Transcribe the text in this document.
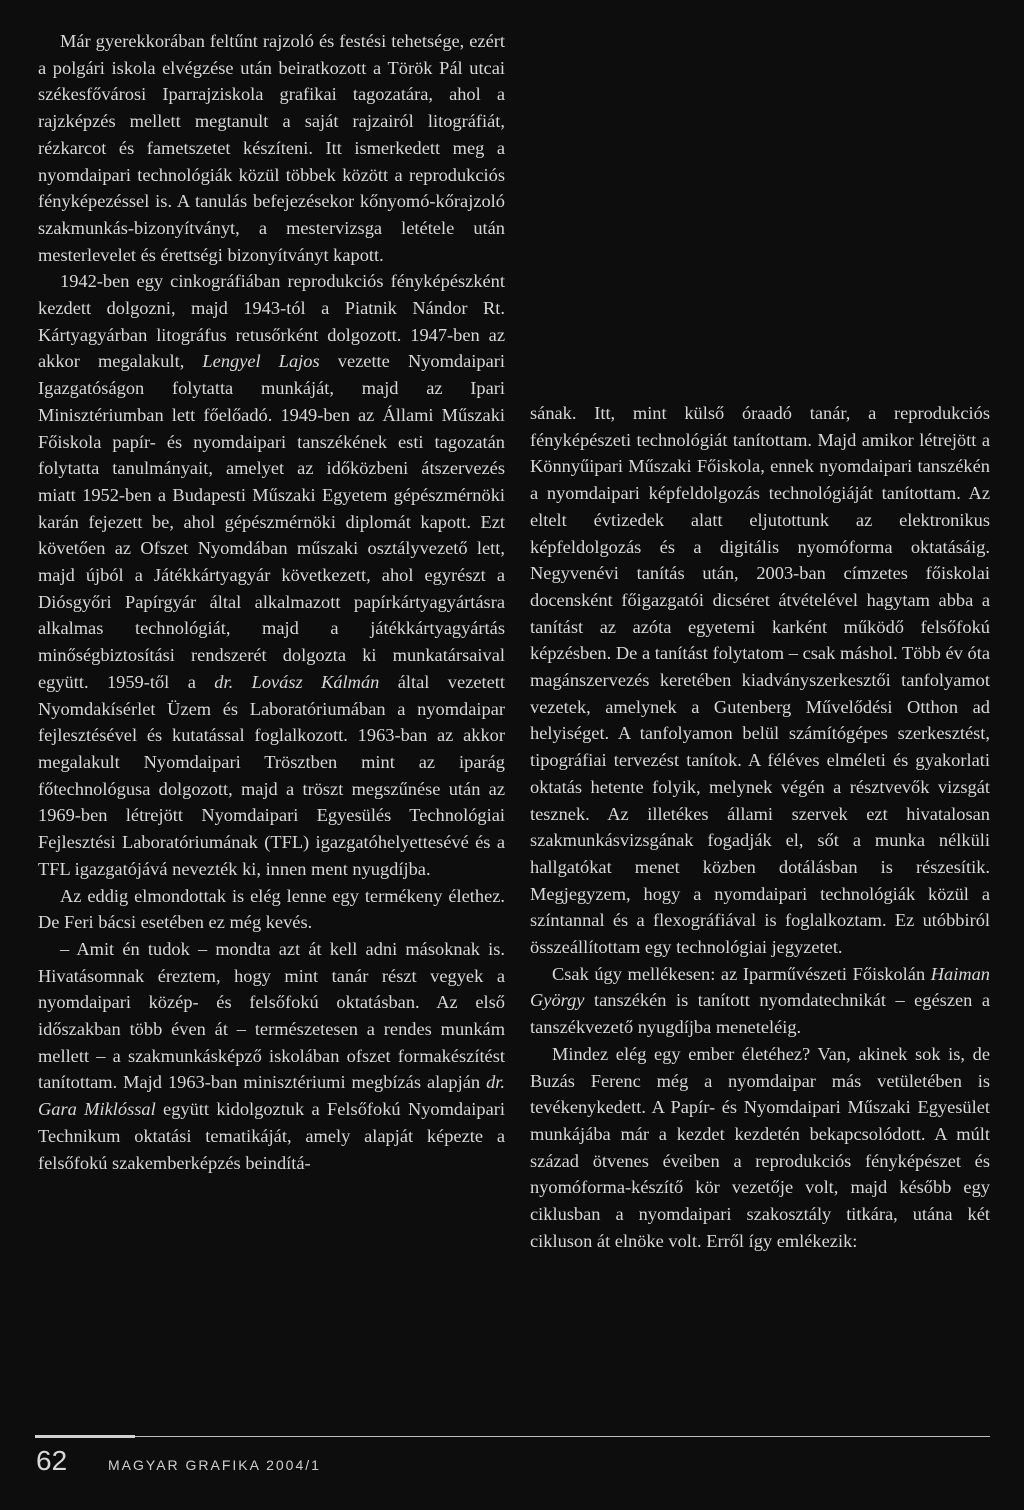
Már gyerekkorában feltűnt rajzoló és festési tehetsége, ezért a polgári iskola elvégzése után beiratkozott a Török Pál utcai székesfővárosi Iparrajziskola grafikai tagozatára, ahol a rajzképzés mellett megtanult a saját rajzairól litográfiát, rézkarcot és fametszetet készíteni. Itt ismerkedett meg a nyomdaipari technológiák közül többek között a reprodukciós fényképezéssel is. A tanulás befejezésekor kőnyomó-kőrajzoló szakmunkás-bizonyítványt, a mestervizsga letétele után mesterlevelet és érettségi bizonyítványt kapott.

1942-ben egy cinkográfiában reprodukciós fényképészként kezdett dolgozni, majd 1943-tól a Piatnik Nándor Rt. Kártyagyárban litográfus retusőrként dolgozott. 1947-ben az akkor megalakult, Lengyel Lajos vezette Nyomdaipari Igazgatóságon folytatta munkáját, majd az Ipari Minisztériumban lett főelőadó. 1949-ben az Állami Műszaki Főiskola papír- és nyomdaipari tanszékének esti tagozatán folytatta tanulmányait, amelyet az időközbeni átszervezés miatt 1952-ben a Budapesti Műszaki Egyetem gépészmérnöki karán fejezett be, ahol gépészmérnöki diplomát kapott. Ezt követően az Ofszet Nyomdában műszaki osztályvezető lett, majd újból a Játékkártyagyár következett, ahol egyrészt a Diósgyőri Papírgyár által alkalmazott papírkártyagyártásra alkalmas technológiát, majd a játékkártyagyártás minőségbiztosítási rendszerét dolgozta ki munkatársaival együtt. 1959-től a dr. Lovász Kálmán által vezetett Nyomdakísérlet Üzem és Laboratóriumában a nyomdaipar fejlesztésével és kutatással foglalkozott. 1963-ban az akkor megalakult Nyomdaipari Trösztben mint az iparág főtechnológusa dolgozott, majd a tröszt megszűnése után az 1969-ben létrejött Nyomdaipari Egyesülés Technológiai Fejlesztési Laboratóriumának (TFL) igazgatóhelyettesévé és a TFL igazgatójává nevezték ki, innen ment nyugdíjba.

Az eddig elmondottak is elég lenne egy termékeny élethez. De Feri bácsi esetében ez még kevés.

– Amit én tudok – mondta azt át kell adni másoknak is. Hivatásomnak éreztem, hogy mint tanár részt vegyek a nyomdaipari közép- és felsőfokú oktatásban. Az első időszakban több éven át – természetesen a rendes munkám mellett – a szakmunkásképző iskolában ofszet formakészítést tanítottam. Majd 1963-ban minisztériumi megbízás alapján dr. Gara Miklóssal együtt kidolgoztuk a Felsőfokú Nyomdaipari Technikum oktatási tematikáját, amely alapját képezte a felsőfokú szakemberképzés beindítá-

sának. Itt, mint külső óraadó tanár, a reprodukciós fényképészeti technológiát tanítottam. Majd amikor létrejött a Könnyűipari Műszaki Főiskola, ennek nyomdaipari tanszékén a nyomdaipari képfeldolgozás technológiáját tanítottam. Az eltelt évtizedek alatt eljutottunk az elektronikus képfeldolgozás és a digitális nyomóforma oktatásáig. Negyvenévi tanítás után, 2003-ban címzetes főiskolai docensként főigazgatói dicséret átvételével hagytam abba a tanítást az azóta egyetemi karként működő felsőfokú képzésben. De a tanítást folytatom – csak máshol. Több év óta magánszervezés keretében kiadványszerkesztői tanfolyamot vezetek, amelynek a Gutenberg Művelődési Otthon ad helyiséget. A tanfolyamon belül számítógépes szerkesztést, tipográfiai tervezést tanítok. A féléves elméleti és gyakorlati oktatás hetente folyik, melynek végén a résztvevők vizsgát tesznek. Az illetékes állami szervek ezt hivatalosan szakmunkásvizsgának fogadják el, sőt a munka nélküli hallgatókat menet közben dotálásban is részesítik. Megjegyzem, hogy a nyomdaipari technológiák közül a színtannal és a flexográfiával is foglalkoztam. Ez utóbbiról összeállítottam egy technológiai jegyzetet.

Csak úgy mellékesen: az Iparművészeti Főiskolán Haiman György tanszékén is tanított nyomdatechnikát – egészen a tanszékvezető nyugdíjba meneteléig.

Mindez elég egy ember életéhez? Van, akinek sok is, de Buzás Ferenc még a nyomdaipar más vetületében is tevékenykedett. A Papír- és Nyomdaipari Műszaki Egyesület munkájába már a kezdet kezdetén bekapcsolódott. A múlt század ötvenes éveiben a reprodukciós fényképészet és nyomóforma-készítő kör vezetője volt, majd később egy ciklusban a nyomdaipari szakosztály titkára, utána két cikluson át elnöke volt. Erről így emlékezik:

62	MAGYAR GRAFIKA 2004/1
